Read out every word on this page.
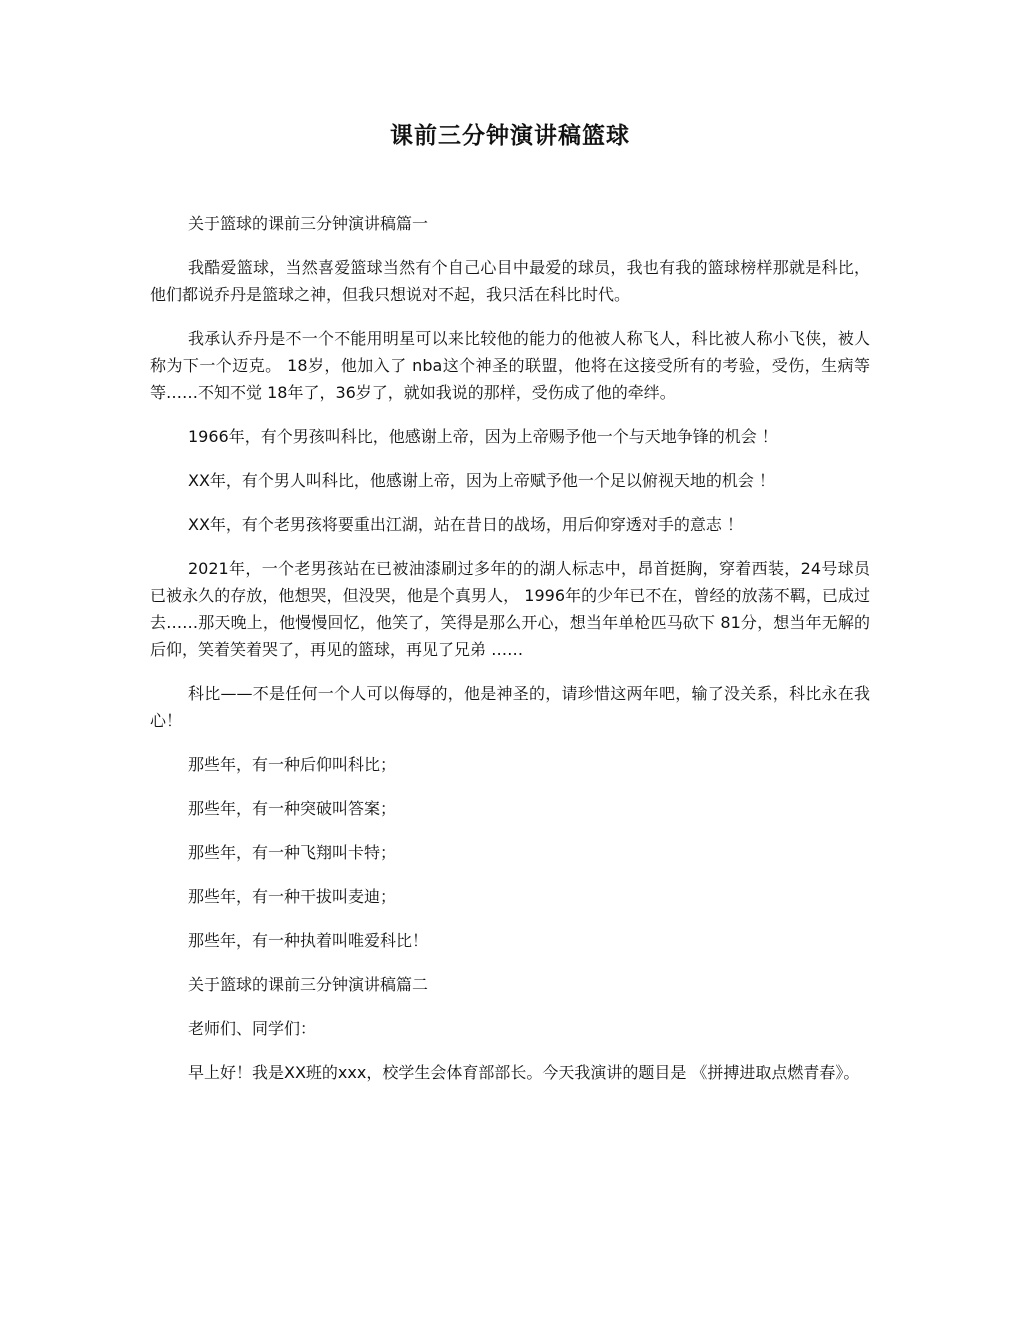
课前三分钟演讲稿篮球

关于篮球的课前三分钟演讲稿篇一

我酷爱篮球，当然喜爱篮球当然有个自己心目中最爱的球员，我也有我的篮球榜样那就是科比，他们都说乔丹是篮球之神，但我只想说对不起，我只活在科比时代。

我承认乔丹是不一个不能用明星可以来比较他的能力的他被人称飞人，科比被人称小飞侠，被人称为下一个迈克。 18岁，他加入了 nba这个神圣的联盟，他将在这接受所有的考验，受伤，生病等等……不知不觉 18年了，36岁了，就如我说的那样，受伤成了他的牵绊。

1966年，有个男孩叫科比，他感谢上帝，因为上帝赐予他一个与天地争锋的机会 ！

XX年，有个男人叫科比，他感谢上帝，因为上帝赋予他一个足以俯视天地的机会 ！

XX年，有个老男孩将要重出江湖，站在昔日的战场，用后仰穿透对手的意志 ！

2021年，一个老男孩站在已被油漆刷过多年的的湖人标志中，昂首挺胸，穿着西装，24号球员已被永久的存放，他想哭，但没哭，他是个真男人， 1996年的少年已不在，曾经的放荡不羁，已成过去……那天晚上，他慢慢回忆，他笑了，笑得是那么开心，想当年单枪匹马砍下 81分，想当年无解的后仰，笑着笑着哭了，再见的篮球，再见了兄弟 ……

科比——不是任何一个人可以侮辱的，他是神圣的，请珍惜这两年吧，输了没关系，科比永在我心！

那些年，有一种后仰叫科比；

那些年，有一种突破叫答案；

那些年，有一种飞翔叫卡特；

那些年，有一种干拔叫麦迪；

那些年，有一种执着叫唯爱科比！

关于篮球的课前三分钟演讲稿篇二

老师们、同学们：

早上好！我是XX班的xxx，校学生会体育部部长。今天我演讲的题目是 《拼搏进取点燃青春》。
